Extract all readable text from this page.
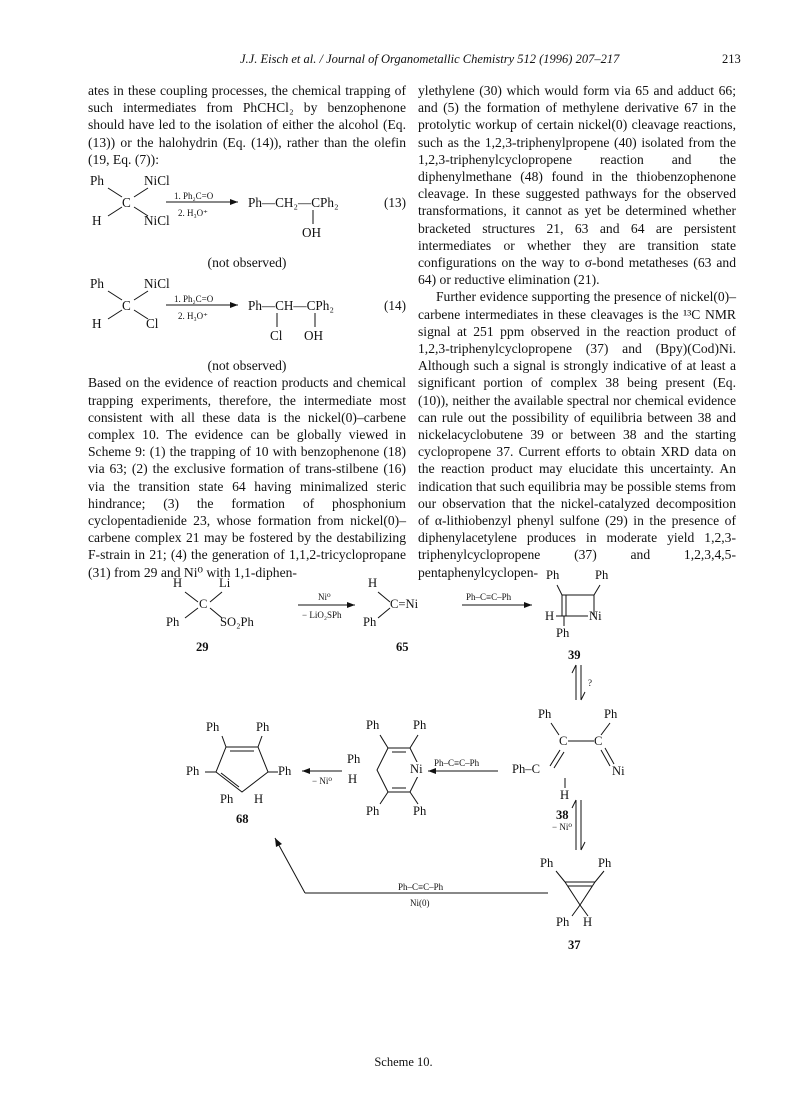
J.J. Eisch et al. / Journal of Organometallic Chemistry 512 (1996) 207–217	213

ates in these coupling processes, the chemical trapping of such intermediates from PhCHCl₂ by benzophenone should have led to the isolation of either the alcohol (Eq. (13)) or the halohydrin (Eq. (14)), rather than the olefin (19, Eq. (7)):

Ph	NiCl
C
H	NiCl
1. Ph₂C=O
2. H₃O⁺
Ph—CH₂—CPh₂
OH
(13)

(not observed)

Ph	NiCl
C
H	Cl
1. Ph₂C=O
2. H₃O⁺
Ph—CH—CPh₂
Cl OH
(14)

(not observed)

Based on the evidence of reaction products and chemical trapping experiments, therefore, the intermediate most consistent with all these data is the nickel(0)–carbene complex 10. The evidence can be globally viewed in Scheme 9: (1) the trapping of 10 with benzophenone (18) via 63; (2) the exclusive formation of trans-stilbene (16) via the transition state 64 having minimalized steric hindrance; (3) the formation of phosphonium cyclopentadienide 23, whose formation from nickel(0)–carbene complex 21 may be fostered by the destabilizing F-strain in 21; (4) the generation of 1,1,2-tricyclopropane (31) from 29 and Ni⁰ with 1,1-diphen-

ylethylene (30) which would form via 65 and adduct 66; and (5) the formation of methylene derivative 67 in the protolytic workup of certain nickel(0) cleavage reactions, such as the 1,2,3-triphenylpropene (40) isolated from the 1,2,3-triphenylcyclopropene reaction and the diphenylmethane (48) found in the thiobenzophenone cleavage. In these suggested pathways for the observed transformations, it cannot as yet be determined whether bracketed structures 21, 63 and 64 are persistent intermediates or whether they are transition state configurations on the way to σ-bond metatheses (63 and 64) or reductive elimination (21).

Further evidence supporting the presence of nickel(0)–carbene intermediates in these cleavages is the ¹³C NMR signal at 251 ppm observed in the reaction product of 1,2,3-triphenylcyclopropene (37) and (Bpy)(Cod)Ni. Although such a signal is strongly indicative of at least a significant portion of complex 38 being present (Eq. (10)), neither the available spectral nor chemical evidence can rule out the possibility of equilibria between 38 and nickelacyclobutene 39 or between 38 and the starting cyclopropene 37. Current efforts to obtain XRD data on the reaction product may elucidate this uncertainty. An indication that such equilibria may be possible stems from our observation that the nickel-catalyzed decomposition of α-lithiobenzyl phenyl sulfone (29) in the presence of diphenylacetylene produces in moderate yield 1,2,3-triphenylcyclopropene (37) and 1,2,3,4,5-pentaphenylcyclopen-

H	Li
C
Ph	SO₂Ph
29
Ni⁰
− LiO₂SPh
H
C=Ni
Ph
65
Ph–C≡C–Ph
Ph	Ph
H	Ni
Ph
39
?
Ph	Ph
C C
Ph–C	Ni
H
38
Ph–C≡C–Ph
Ph	Ph
Ph
H
Ni
Ph	Ph
− Ni⁰
Ph	Ph
Ph	Ph
Ph H
68
− Ni⁰
Ph	Ph
Ph H
37
Ph–C≡C–Ph
Ni(0)
Scheme 10.
